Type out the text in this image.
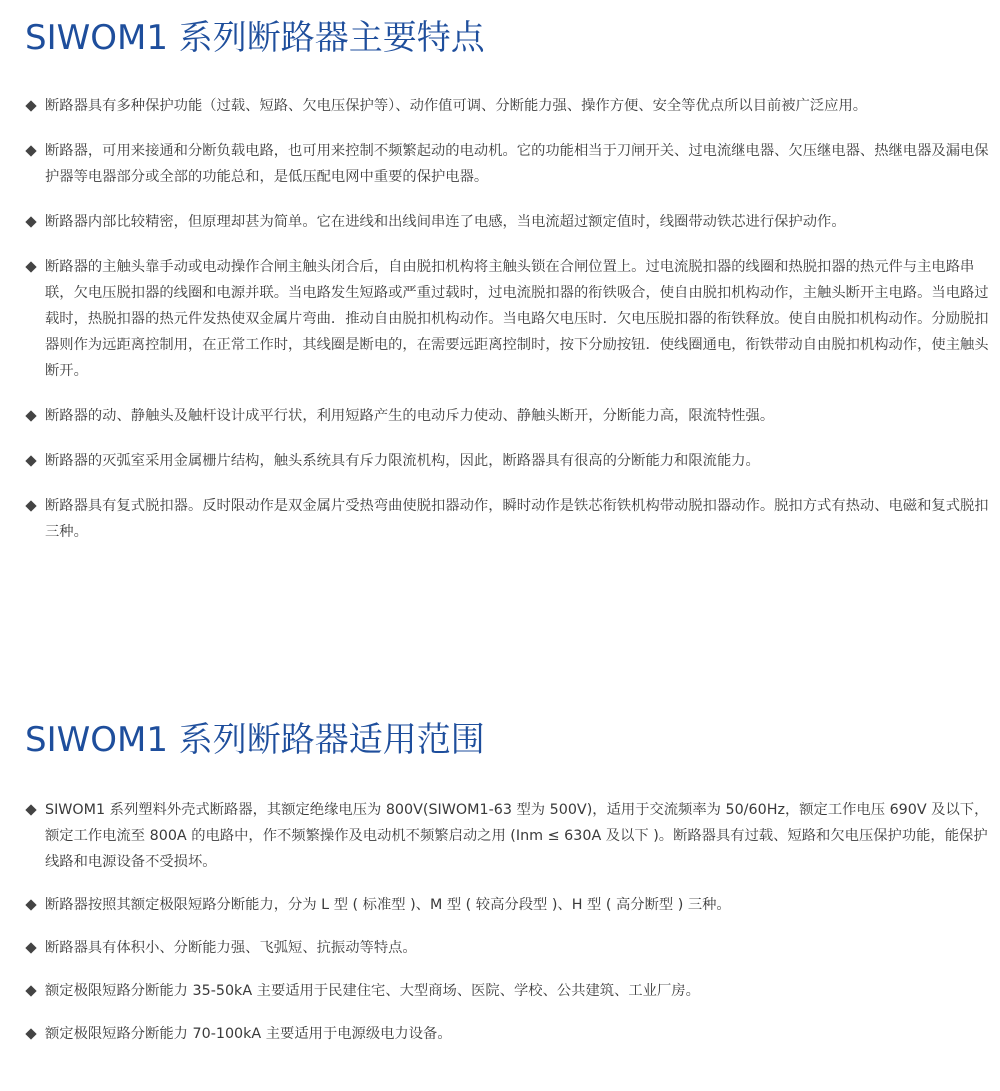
SIWOM1 系列断路器主要特点
断路器具有多种保护功能（过载、短路、欠电压保护等）、动作值可调、分断能力强、操作方便、安全等优点所以目前被广泛应用。
断路器，可用来接通和分断负载电路，也可用来控制不频繁起动的电动机。它的功能相当于刀闸开关、过电流继电器、欠压继电器、热继电器及漏电保护器等电器部分或全部的功能总和，是低压配电网中重要的保护电器。
断路器内部比较精密，但原理却甚为简单。它在进线和出线间串连了电感，当电流超过额定值时，线圈带动铁芯进行保护动作。
断路器的主触头靠手动或电动操作合闸主触头闭合后，自由脱扣机构将主触头锁在合闸位置上。过电流脱扣器的线圈和热脱扣器的热元件与主电路串联，欠电压脱扣器的线圈和电源并联。当电路发生短路或严重过载时，过电流脱扣器的衔铁吸合，使自由脱扣机构动作，主触头断开主电路。当电路过载时，热脱扣器的热元件发热使双金属片弯曲．推动自由脱扣机构动作。当电路欠电压时．欠电压脱扣器的衔铁释放。使自由脱扣机构动作。分励脱扣器则作为远距离控制用，在正常工作时，其线圈是断电的，在需要远距离控制时，按下分励按钮．使线圈通电，衔铁带动自由脱扣机构动作，使主触头断开。
断路器的动、静触头及触杆设计成平行状，利用短路产生的电动斥力使动、静触头断开，分断能力高，限流特性强。
断路器的灭弧室采用金属栅片结构，触头系统具有斥力限流机构，因此，断路器具有很高的分断能力和限流能力。
断路器具有复式脱扣器。反时限动作是双金属片受热弯曲使脱扣器动作，瞬时动作是铁芯衔铁机构带动脱扣器动作。脱扣方式有热动、电磁和复式脱扣三种。
SIWOM1 系列断路器适用范围
SIWOM1 系列塑料外壳式断路器，其额定绝缘电压为 800V(SIWOM1-63 型为 500V)，适用于交流频率为 50/60Hz，额定工作电压 690V 及以下，额定工作电流至 800A 的电路中，作不频繁操作及电动机不频繁启动之用 (Inm ≤ 630A 及以下 )。断路器具有过载、短路和欠电压保护功能，能保护线路和电源设备不受损坏。
断路器按照其额定极限短路分断能力，分为 L 型 ( 标准型 )、M 型 ( 较高分段型 )、H 型 ( 高分断型 ) 三种。
断路器具有体积小、分断能力强、飞弧短、抗振动等特点。
额定极限短路分断能力 35-50kA 主要适用于民建住宅、大型商场、医院、学校、公共建筑、工业厂房。
额定极限短路分断能力 70-100kA 主要适用于电源级电力设备。
